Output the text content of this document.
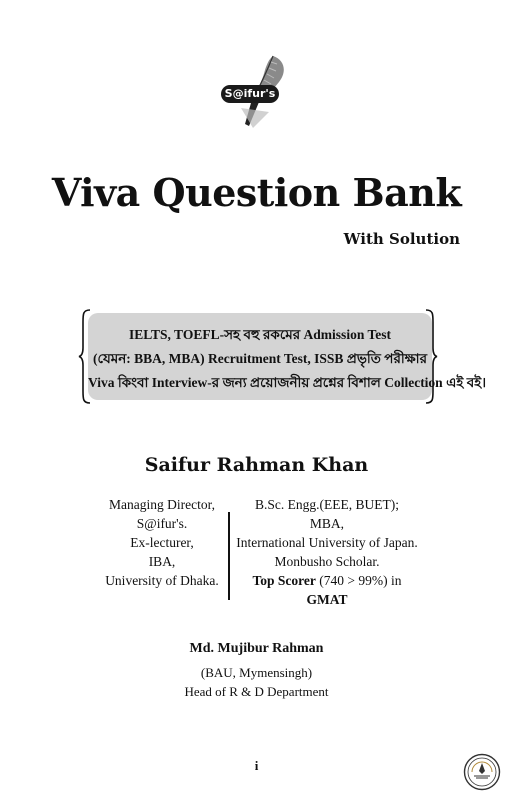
S@ifur's
Viva Question Bank
With Solution
IELTS, TOEFL-সহ বহু রকমের Admission Test
(যেমন: BBA, MBA) Recruitment Test, ISSB প্রভৃতি পরীক্ষার
Viva কিংবা Interview-র জন্য প্রয়োজনীয় প্রশ্নের বিশাল Collection এই বই।
Saifur Rahman Khan
Managing Director,
S@ifur's.
Ex-lecturer,
IBA,
University of Dhaka.
B.Sc. Engg.(EEE, BUET);
MBA,
International University of Japan.
Monbusho Scholar.
Top Scorer (740 > 99%) in GMAT
Md. Mujibur Rahman
(BAU, Mymensingh)
Head of R & D Department
i
